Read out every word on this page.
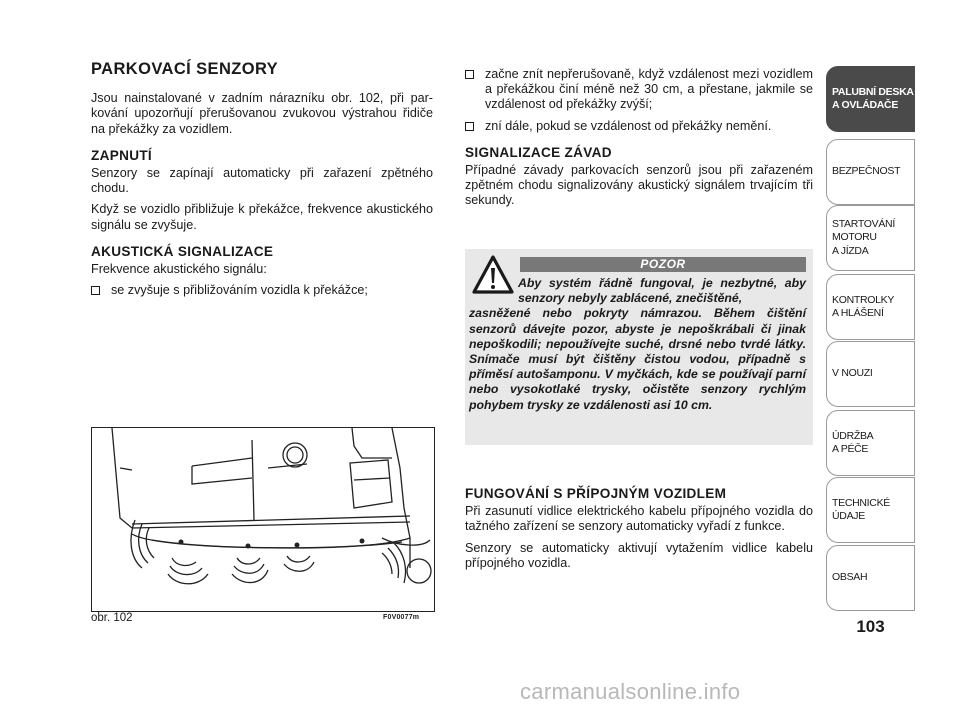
PARKOVACÍ SENZORY

Jsou nainstalované v zadním nárazníku obr. 102, při parkování upozorňují přerušovanou zvukovou výstrahou řidiče na překážky za vozidlem.

ZAPNUTÍ

Senzory se zapínají automaticky při zařazení zpětného chodu.

Když se vozidlo přibližuje k překážce, frekvence akustického signálu se zvyšuje.

AKUSTICKÁ SIGNALIZACE

Frekvence akustického signálu:

se zvyšuje s přibližováním vozidla k překážce;
obr. 102	F0V0077m
začne znít nepřerušovaně, když vzdálenost mezi vozidlem a překážkou činí méně než 30 cm, a přestane, jakmile se vzdálenost od překážky zvýší;
zní dále, pokud se vzdálenost od překážky nemění.
SIGNALIZACE ZÁVAD

Případné závady parkovacích senzorů jsou při zařazeném zpětném chodu signalizovány akustický signálem trvajícím tři sekundy.

POZOR
Aby systém řádně fungoval, je nezbytné, aby senzory nebyly zablácené, znečištěné,
zasněžené nebo pokryty námrazou. Během čištění senzorů dávejte pozor, abyste je nepoškrábali či jinak nepoškodili; nepoužívejte suché, drsné nebo tvrdé látky. Snímače musí být čištěny čistou vodou, případně s příměsí autošamponu. V myčkách, kde se používají parní nebo vysokotlaké trysky, očistěte senzory rychlým pohybem trysky ze vzdálenosti asi 10 cm.
FUNGOVÁNÍ S PŘÍPOJNÝM VOZIDLEM

Při zasunutí vidlice elektrického kabelu přípojného vozidla do tažného zařízení se senzory automaticky vyřadí z funkce.

Senzory se automaticky aktivují vytažením vidlice kabelu přípojného vozidla.

PALUBNÍ DESKA
A OVLÁDAČE
BEZPEČNOST
STARTOVÁNÍ
MOTORU
A JÍZDA
KONTROLKY
A HLÁŠENÍ
V NOUZI
ÚDRŽBA
A PÉČE
TECHNICKÉ
ÚDAJE
OBSAH
103
carmanualsonline.info
